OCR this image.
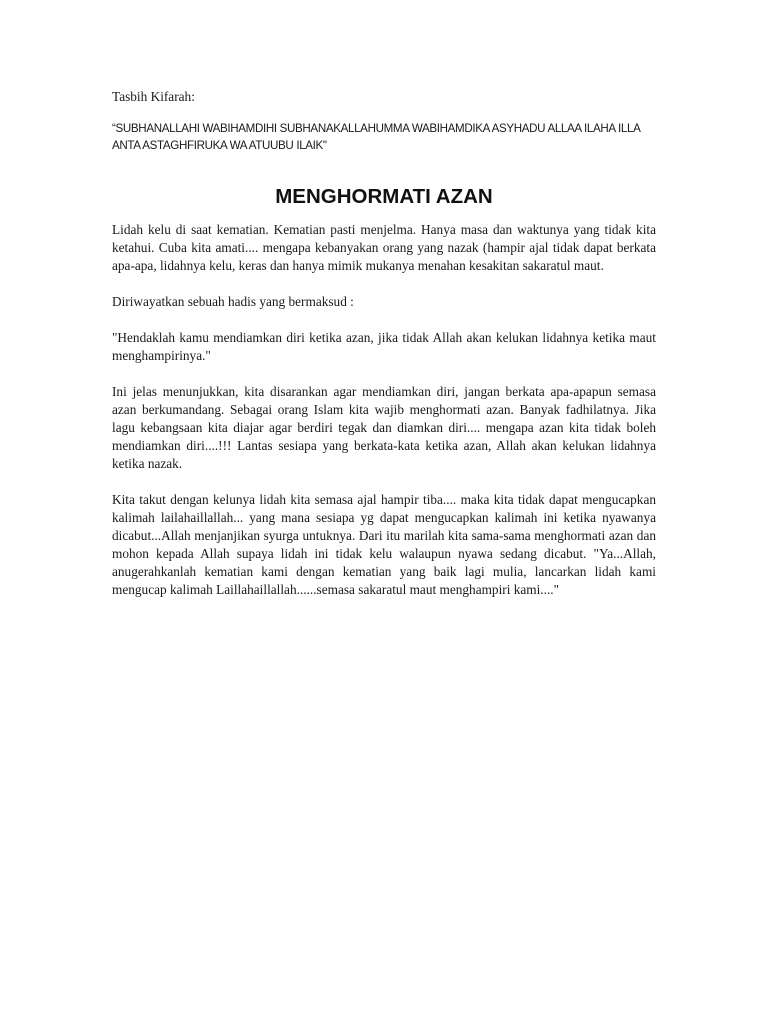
Tasbih Kifarah:

“SUBHANALLAHI WABIHAMDIHI SUBHANAKALLAHUMMA WABIHAMDIKA ASYHADU ALLAA ILAHA ILLA ANTA ASTAGHFIRUKA WA ATUUBU ILAIK"

MENGHORMATI AZAN

Lidah kelu di saat kematian. Kematian pasti menjelma. Hanya masa dan waktunya yang tidak kita ketahui. Cuba kita amati.... mengapa kebanyakan orang yang nazak (hampir ajal tidak dapat berkata apa-apa, lidahnya kelu, keras dan hanya mimik mukanya menahan kesakitan sakaratul maut.

Diriwayatkan sebuah hadis yang bermaksud :

"Hendaklah kamu mendiamkan diri ketika azan, jika tidak Allah akan kelukan lidahnya ketika maut menghampirinya."

Ini jelas menunjukkan, kita disarankan agar mendiamkan diri, jangan berkata apa-apapun semasa azan berkumandang. Sebagai orang Islam kita wajib menghormati azan. Banyak fadhilatnya. Jika lagu kebangsaan kita diajar agar berdiri tegak dan diamkan diri.... mengapa azan kita tidak boleh mendiamkan diri....!!! Lantas sesiapa yang berkata-kata ketika azan, Allah akan kelukan lidahnya ketika nazak.

Kita takut dengan kelunya lidah kita semasa ajal hampir tiba.... maka kita tidak dapat mengucapkan kalimah lailahaillallah... yang mana sesiapa yg dapat mengucapkan kalimah ini ketika nyawanya dicabut...Allah menjanjikan syurga untuknya. Dari itu marilah kita sama-sama menghormati azan dan mohon kepada Allah supaya lidah ini tidak kelu walaupun nyawa sedang dicabut. "Ya...Allah, anugerahkanlah kematian kami dengan kematian yang baik lagi mulia, lancarkan lidah kami mengucap kalimah Laillahaillallah......semasa sakaratul maut menghampiri kami...."
